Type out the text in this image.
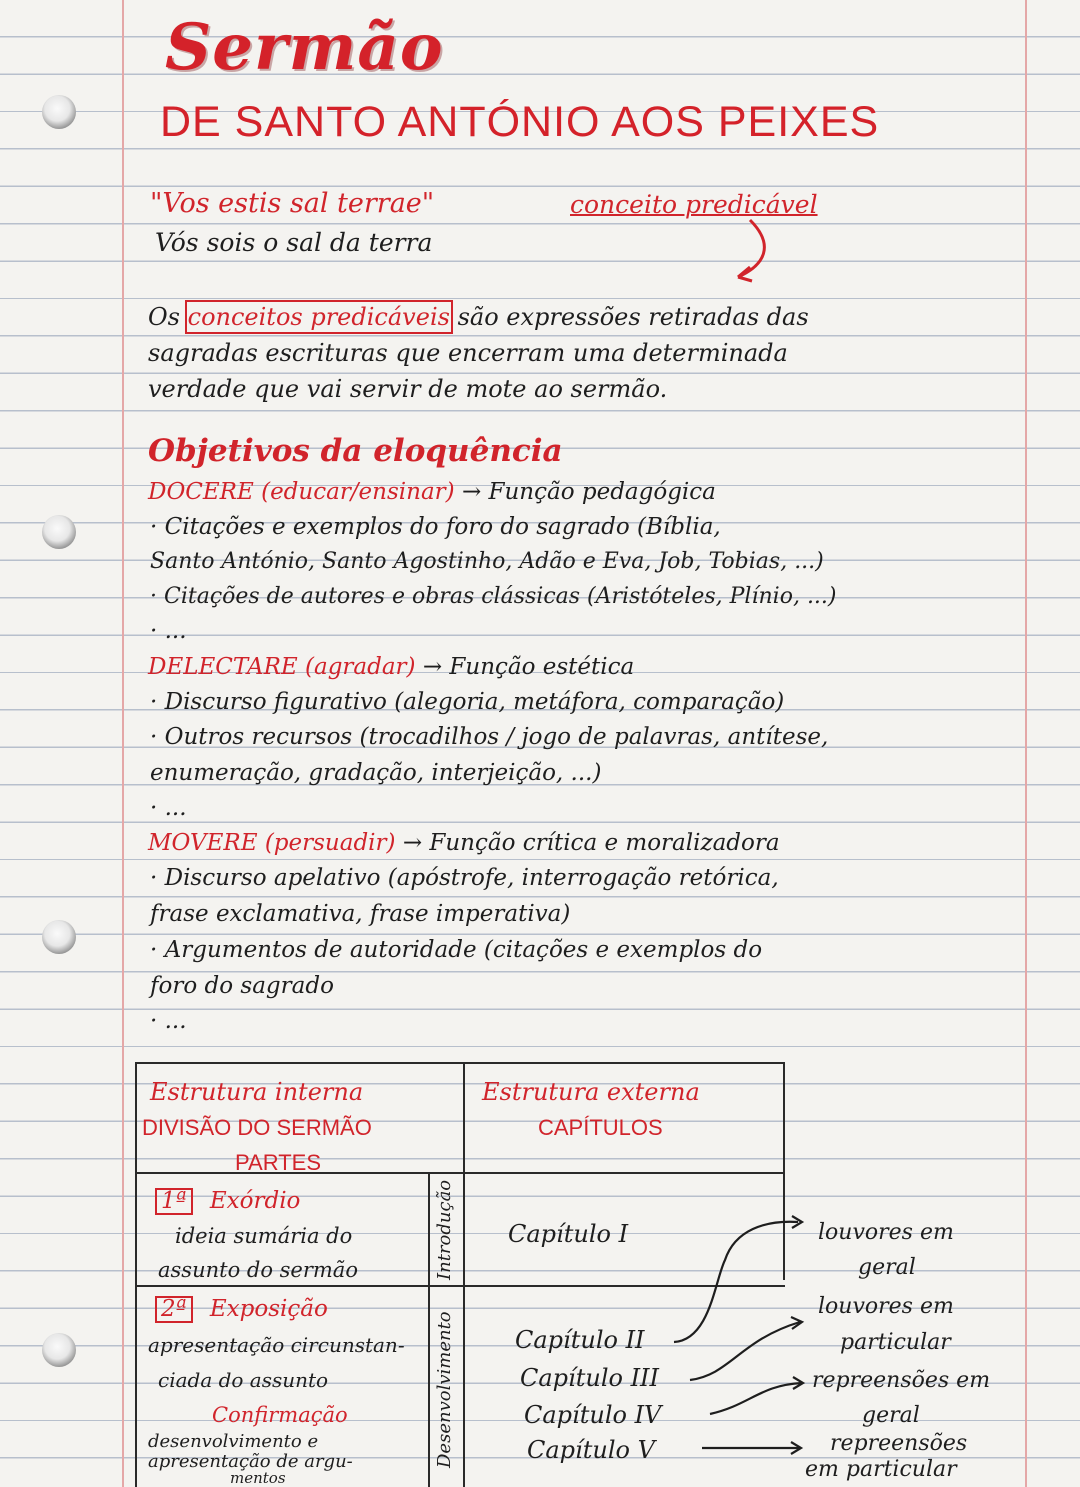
Sermão
DE SANTO ANTÓNIO AOS PEIXES
"Vos estis sal terrae"
Vós sois o sal da terra
conceito predicável
Os conceitos predicáveis são expressões retiradas das
sagradas escrituras que encerram uma determinada
verdade que vai servir de mote ao sermão.
Objetivos da eloquência
DOCERE (educar/ensinar) → Função pedagógica
· Citações e exemplos do foro do sagrado (Bíblia,
Santo António, Santo Agostinho, Adão e Eva, Job, Tobias, ...)
· Citações de autores e obras clássicas (Aristóteles, Plínio, ...)
· ...
DELECTARE (agradar) → Função estética
· Discurso figurativo (alegoria, metáfora, comparação)
· Outros recursos (trocadilhos / jogo de palavras, antítese,
enumeração, gradação, interjeição, ...)
· ...
MOVERE (persuadir) → Função crítica e moralizadora
· Discurso apelativo (apóstrofe, interrogação retórica,
frase exclamativa, frase imperativa)
· Argumentos de autoridade (citações e exemplos do
foro do sagrado
· ...
Estrutura interna
DIVISÃO DO SERMÃO
PARTES
Estrutura externa
CAPÍTULOS
1ª Exórdio
ideia sumária do
assunto do sermão	Introdução
2ª Exposição
apresentação circunstan-
ciada do assunto
Confirmação
desenvolvimento e
apresentação de argu-
mentos
Desenvolvimento
Capítulo I
Capítulo II
Capítulo III
Capítulo IV
Capítulo V
louvores em
geral
louvores em
particular
repreensões em
geral
repreensões
em particular
